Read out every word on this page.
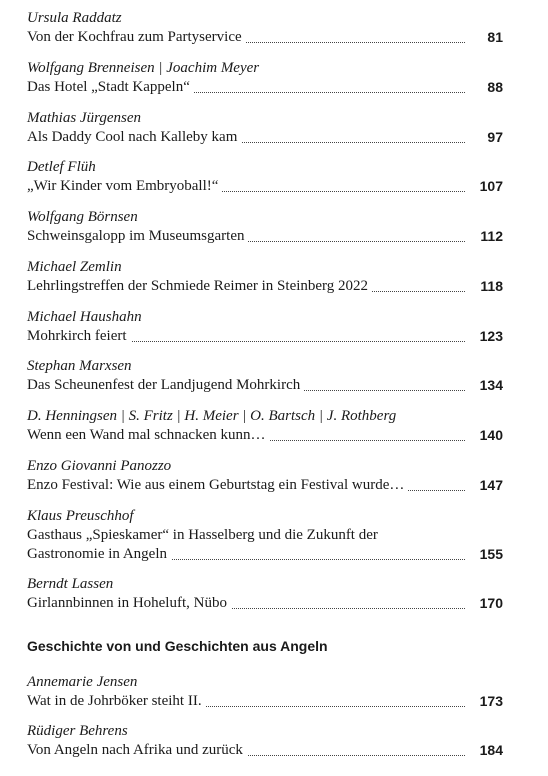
Ursula Raddatz
Von der Kochfrau zum Partyservice	81
Wolfgang Brenneisen | Joachim Meyer
Das Hotel „Stadt Kappeln“	88
Mathias Jürgensen
Als Daddy Cool nach Kalleby kam	97
Detlef Flüh
„Wir Kinder vom Embryoball!“	107
Wolfgang Börnsen
Schweinsgalopp im Museumsgarten	112
Michael Zemlin
Lehrlingstreffen der Schmiede Reimer in Steinberg 2022	118
Michael Haushahn
Mohrkirch feiert	123
Stephan Marxsen
Das Scheunenfest der Landjugend Mohrkirch	134
D. Henningsen | S. Fritz | H. Meier | O. Bartsch | J. Rothberg
Wenn een Wand mal schnacken kunn…	140
Enzo Giovanni Panozzo
Enzo Festival: Wie aus einem Geburtstag ein Festival wurde…	147
Klaus Preuschhof
Gasthaus „Spieskamer“ in Hasselberg und die Zukunft der
Gastronomie in Angeln	155
Berndt Lassen
Girlannbinnen in Hoheluft, Nübo	170
Geschichte von und Geschichten aus Angeln
Annemarie Jensen
Wat in de Johrböker steiht II.	173
Rüdiger Behrens
Von Angeln nach Afrika und zurück	184
